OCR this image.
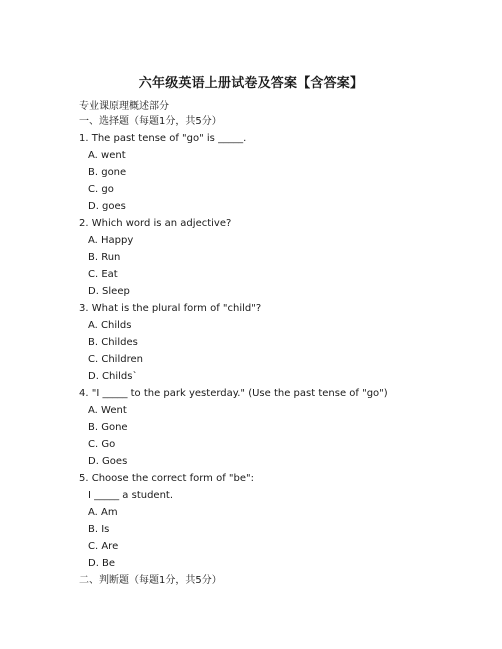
六年级英语上册试卷及答案【含答案】
专业课原理概述部分
一、选择题（每题1分，共5分）
1. The past tense of "go" is _____.
A. went
B. gone
C. go
D. goes
2. Which word is an adjective?
A. Happy
B. Run
C. Eat
D. Sleep
3. What is the plural form of "child"?
A. Childs
B. Childes
C. Children
D. Childs`
4. "I _____ to the park yesterday." (Use the past tense of "go")
A. Went
B. Gone
C. Go
D. Goes
5. Choose the correct form of "be":
I _____ a student.
A. Am
B. Is
C. Are
D. Be
二、判断题（每题1分，共5分）
